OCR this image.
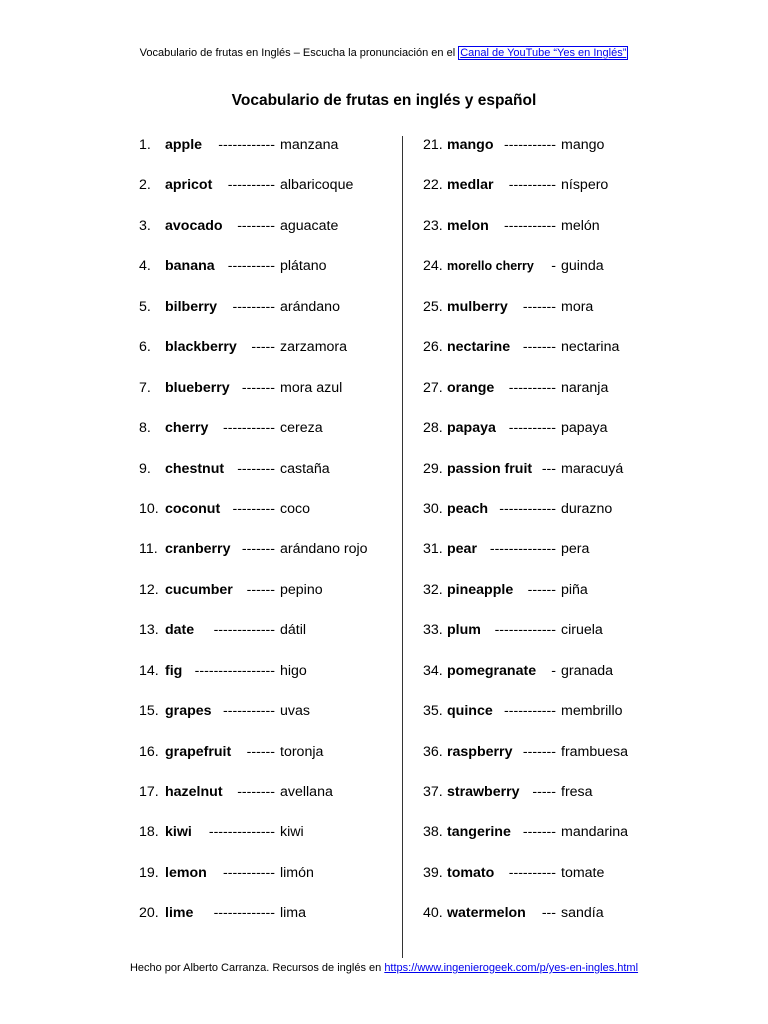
Vocabulario de frutas en Inglés – Escucha la pronunciación en el Canal de YouTube “Yes en Inglés”
Vocabulario de frutas en inglés y español
1. apple ------------ manzana
2. apricot ---------- albaricoque
3. avocado -------- aguacate
4. banana ---------- plátano
5. bilberry --------- arándano
6. blackberry ----- zarzamora
7. blueberry ------- mora azul
8. cherry ----------- cereza
9. chestnut -------- castaña
10. coconut --------- coco
11. cranberry ------- arándano rojo
12. cucumber ------ pepino
13. date ------------- dátil
14. fig ----------------- higo
15. grapes ----------- uvas
16. grapefruit ------ toronja
17. hazelnut -------- avellana
18. kiwi -------------- kiwi
19. lemon ----------- limón
20. lime ------------- lima
21. mango ----------- mango
22. medlar ---------- níspero
23. melon ----------- melón
24. morello cherry - guinda
25. mulberry ------- mora
26. nectarine ------- nectarina
27. orange ---------- naranja
28. papaya ---------- papaya
29. passion fruit --- maracuyá
30. peach ------------ durazno
31. pear -------------- pera
32. pineapple ------ piña
33. plum ------------- ciruela
34. pomegranate - granada
35. quince ----------- membrillo
36. raspberry ------- frambuesa
37. strawberry ----- fresa
38. tangerine ------- mandarina
39. tomato ---------- tomate
40. watermelon --- sandía
Hecho por Alberto Carranza. Recursos de inglés en https://www.ingenierogeek.com/p/yes-en-ingles.html
